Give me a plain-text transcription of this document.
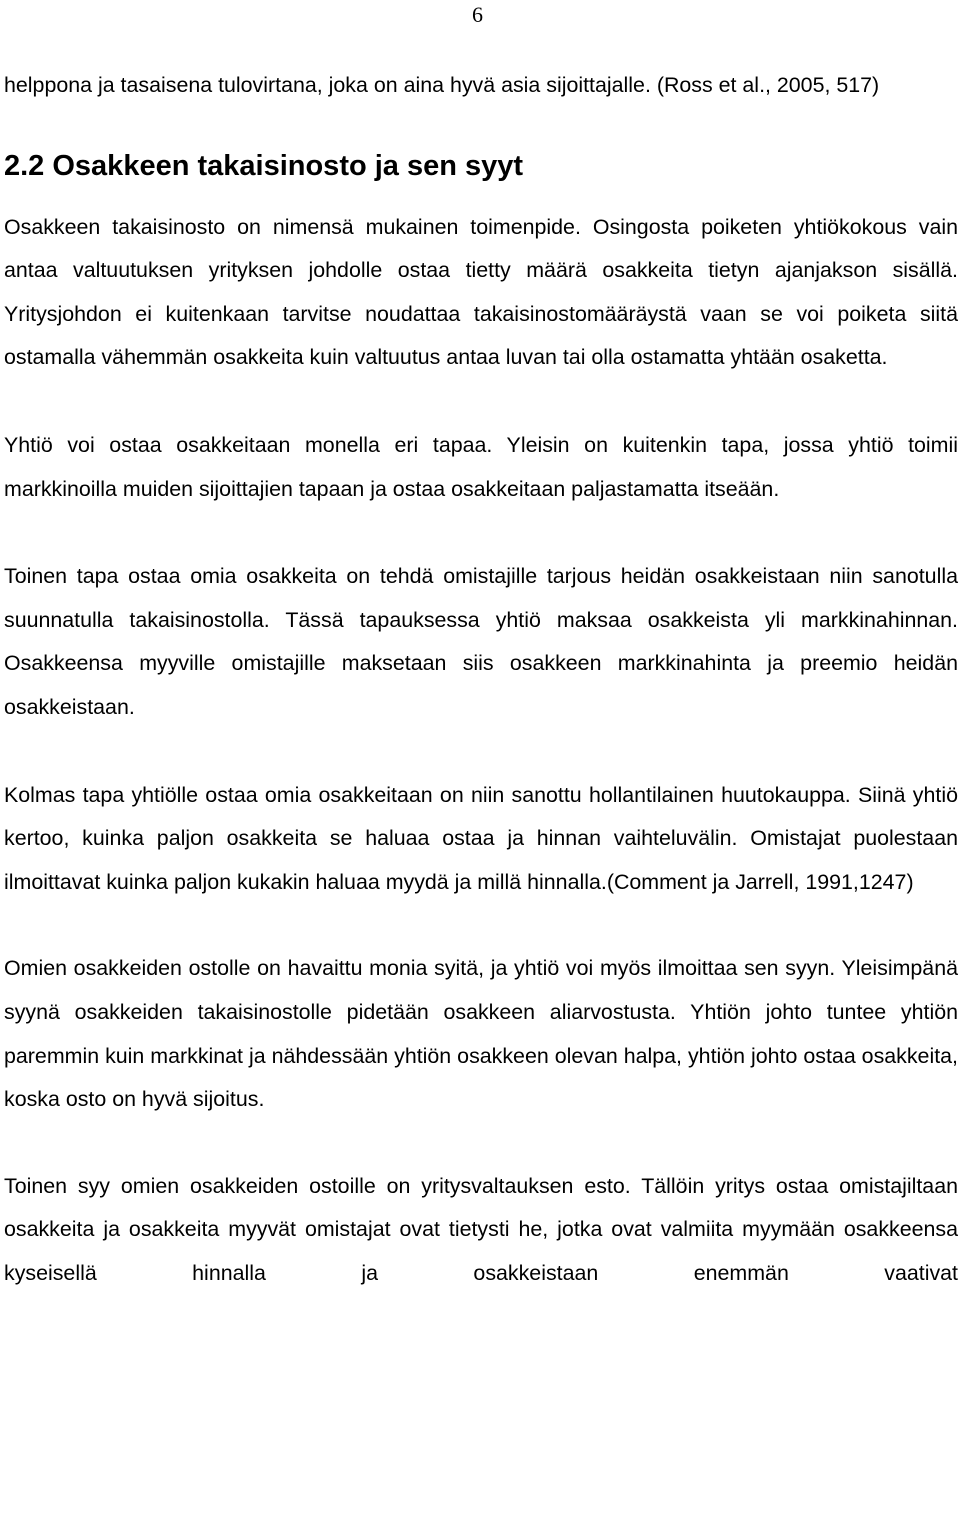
6

helppona ja tasaisena tulovirtana, joka on aina hyvä asia sijoittajalle. (Ross et al., 2005, 517)

2.2 Osakkeen takaisinosto ja sen syyt

Osakkeen takaisinosto on nimensä mukainen toimenpide. Osingosta poiketen yhtiökokous vain antaa valtuutuksen yrityksen johdolle ostaa tietty määrä osakkeita tietyn ajanjakson sisällä. Yritysjohdon ei kuitenkaan tarvitse noudattaa takaisinostomääräystä vaan se voi poiketa siitä ostamalla vähemmän osakkeita kuin valtuutus antaa luvan tai olla ostamatta yhtään osaketta.

Yhtiö voi ostaa osakkeitaan monella eri tapaa. Yleisin on kuitenkin tapa, jossa yhtiö toimii markkinoilla muiden sijoittajien tapaan ja ostaa osakkeitaan paljastamatta itseään.

Toinen tapa ostaa omia osakkeita on tehdä omistajille tarjous heidän osakkeistaan niin sanotulla suunnatulla takaisinostolla. Tässä tapauksessa yhtiö maksaa osakkeista yli markkinahinnan. Osakkeensa myyville omistajille maksetaan siis osakkeen markkinahinta ja preemio heidän osakkeistaan.

Kolmas tapa yhtiölle ostaa omia osakkeitaan on niin sanottu hollantilainen huutokauppa. Siinä yhtiö kertoo, kuinka paljon osakkeita se haluaa ostaa ja hinnan vaihteluvälin. Omistajat puolestaan ilmoittavat kuinka paljon kukakin haluaa myydä ja millä hinnalla.(Comment ja Jarrell, 1991,1247)

Omien osakkeiden ostolle on havaittu monia syitä, ja yhtiö voi myös ilmoittaa sen syyn. Yleisimpänä syynä osakkeiden takaisinostolle pidetään osakkeen aliarvostusta. Yhtiön johto tuntee yhtiön paremmin kuin markkinat ja nähdessään yhtiön osakkeen olevan halpa, yhtiön johto ostaa osakkeita, koska osto on hyvä sijoitus.

Toinen syy omien osakkeiden ostoille on yritysvaltauksen esto. Tällöin yritys ostaa omistajiltaan osakkeita ja osakkeita myyvät omistajat ovat tietysti he, jotka ovat valmiita myymään osakkeensa kyseisellä hinnalla ja osakkeistaan enemmän vaativat
